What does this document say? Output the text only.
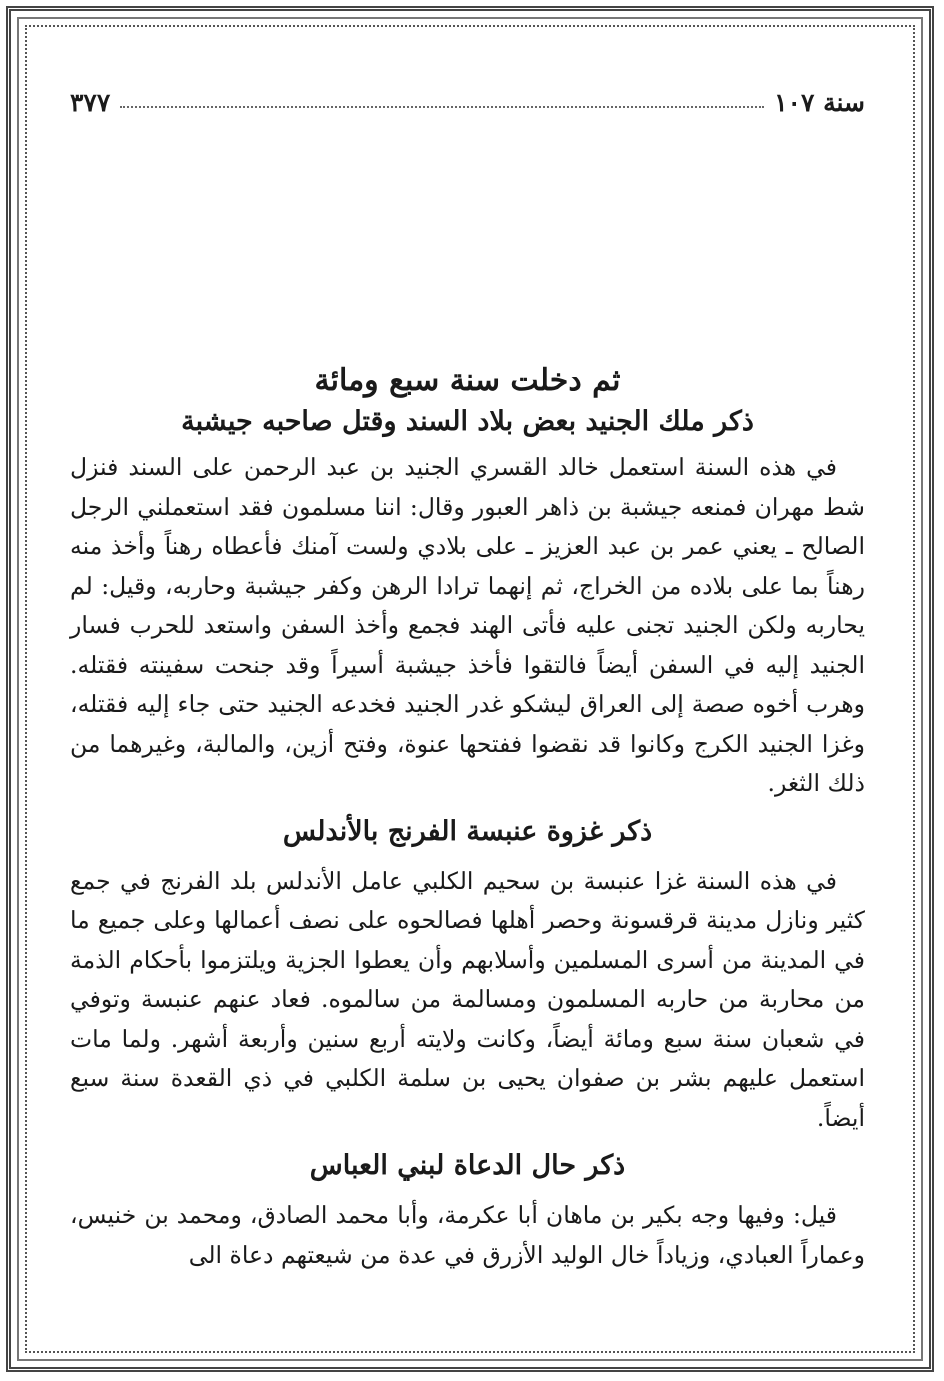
سنة ١٠٧
٣٧٧
ثم دخلت سنة سبع ومائة
ذكر ملك الجنيد بعض بلاد السند وقتل صاحبه جيشبة

في هذه السنة استعمل خالد القسري الجنيد بن عبد الرحمن على السند فنزل شط مهران فمنعه جيشبة بن ذاهر العبور وقال: اننا مسلمون فقد استعملني الرجل الصالح ـ يعني عمر بن عبد العزيز ـ على بلادي ولست آمنك فأعطاه رهناً وأخذ منه رهناً بما على بلاده من الخراج، ثم إنهما ترادا الرهن وكفر جيشبة وحاربه، وقيل: لم يحاربه ولكن الجنيد تجنى عليه فأتى الهند فجمع وأخذ السفن واستعد للحرب فسار الجنيد إليه في السفن أيضاً فالتقوا فأخذ جيشبة أسيراً وقد جنحت سفينته فقتله. وهرب أخوه صصة إلى العراق ليشكو غدر الجنيد فخدعه الجنيد حتى جاء إليه فقتله، وغزا الجنيد الكرج وكانوا قد نقضوا ففتحها عنوة، وفتح أزين، والمالبة، وغيرهما من ذلك الثغر.

ذكر غزوة عنبسة الفرنج بالأندلس

في هذه السنة غزا عنبسة بن سحيم الكلبي عامل الأندلس بلد الفرنج في جمع كثير ونازل مدينة قرقسونة وحصر أهلها فصالحوه على نصف أعمالها وعلى جميع ما في المدينة من أسرى المسلمين وأسلابهم وأن يعطوا الجزية ويلتزموا بأحكام الذمة من محاربة من حاربه المسلمون ومسالمة من سالموه. فعاد عنهم عنبسة وتوفي في شعبان سنة سبع ومائة أيضاً، وكانت ولايته أربع سنين وأربعة أشهر. ولما مات استعمل عليهم بشر بن صفوان يحيى بن سلمة الكلبي في ذي القعدة سنة سبع أيضاً.

ذكر حال الدعاة لبني العباس

قيل: وفيها وجه بكير بن ماهان أبا عكرمة، وأبا محمد الصادق، ومحمد بن خنيس، وعماراً العبادي، وزياداً خال الوليد الأزرق في عدة من شيعتهم دعاة الى
